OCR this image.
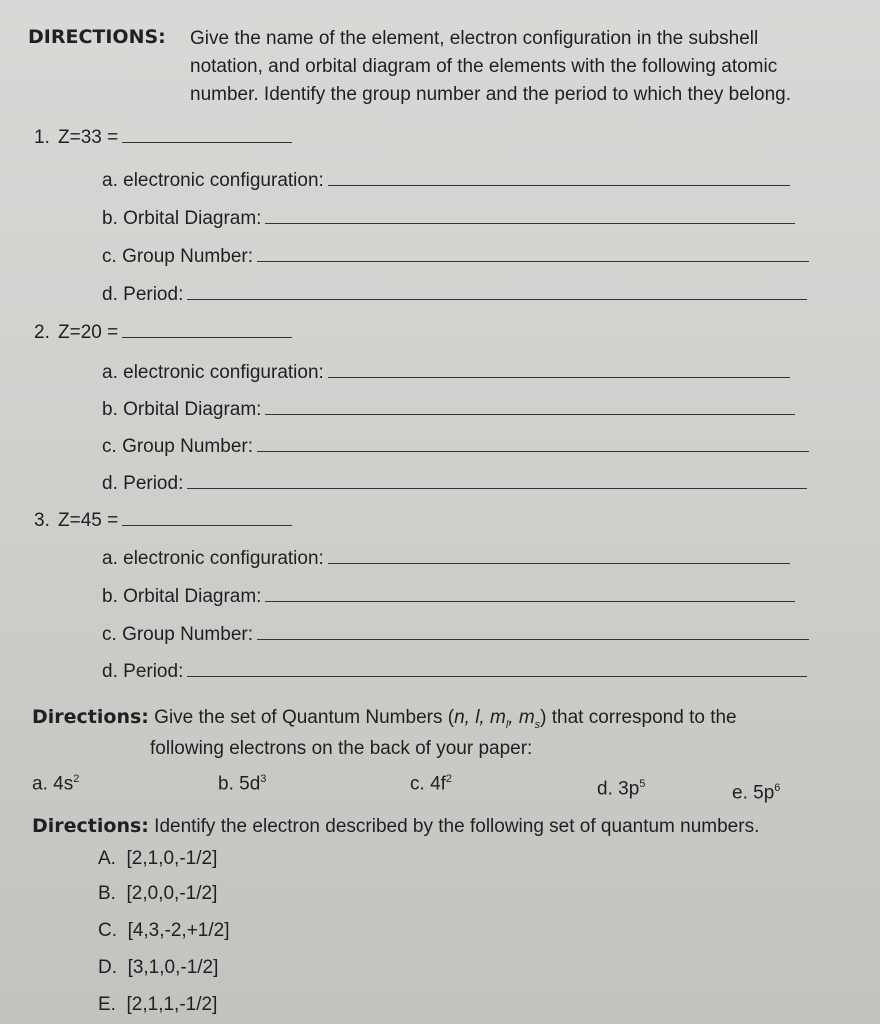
DIRECTIONS: Give the name of the element, electron configuration in the subshell
notation, and orbital diagram of the elements with the following atomic
number. Identify the group number and the period to which they belong.
1. Z=33 =
a. electronic configuration:
b. Orbital Diagram:
c. Group Number:
d. Period:
2. Z=20 =
a. electronic configuration:
b. Orbital Diagram:
c. Group Number:
d. Period:
3. Z=45 =
a. electronic configuration:
b. Orbital Diagram:
c. Group Number:
d. Period:
Directions: Give the set of Quantum Numbers (n, l, $m_l$, $m_s$) that correspond to the
following electrons on the back of your paper:
a. $4s^2$	b. $5d^3$	c. $4f^2$	d. $3p^5$	e. $5p^6$
Directions: Identify the electron described by the following set of quantum numbers.
A. [2,1,0,-1/2]
B. [2,0,0,-1/2]
C. [4,3,-2,+1/2]
D. [3,1,0,-1/2]
E. [2,1,1,-1/2]
